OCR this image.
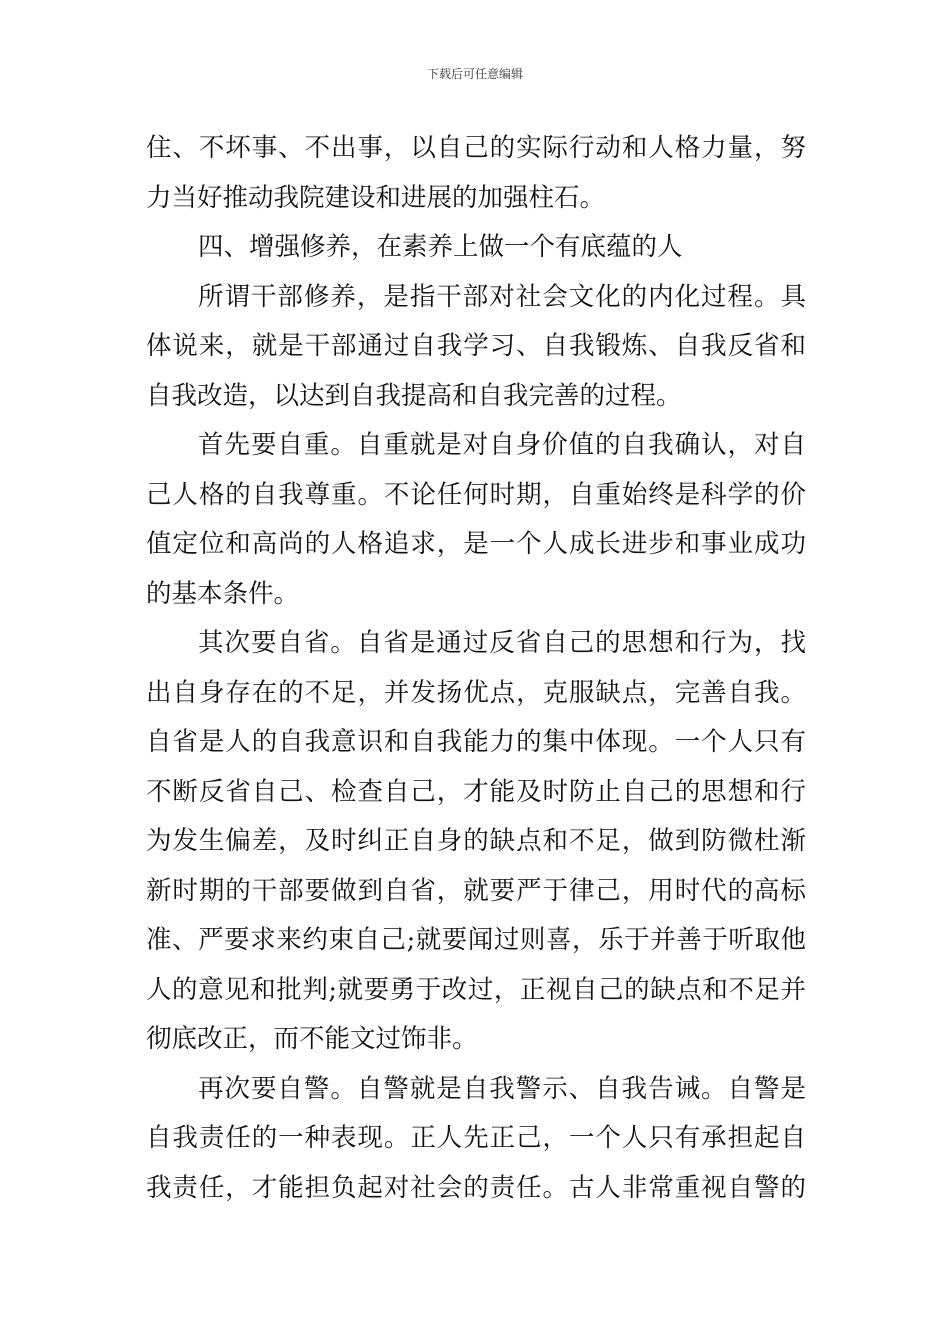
下载后可任意编辑
住、不坏事、不出事，以自己的实际行动和人格力量，努
力当好推动我院建设和进展的加强柱石。
四、增强修养，在素养上做一个有底蕴的人
所谓干部修养，是指干部对社会文化的内化过程。具
体说来，就是干部通过自我学习、自我锻炼、自我反省和
自我改造，以达到自我提高和自我完善的过程。
首先要自重。自重就是对自身价值的自我确认，对自
己人格的自我尊重。不论任何时期，自重始终是科学的价
值定位和高尚的人格追求，是一个人成长进步和事业成功
的基本条件。
其次要自省。自省是通过反省自己的思想和行为，找
出自身存在的不足，并发扬优点，克服缺点，完善自我。
自省是人的自我意识和自我能力的集中体现。一个人只有
不断反省自己、检查自己，才能及时防止自己的思想和行
为发生偏差，及时纠正自身的缺点和不足，做到防微杜渐
新时期的干部要做到自省，就要严于律己，用时代的高标
准、严要求来约束自己;就要闻过则喜，乐于并善于听取他
人的意见和批判;就要勇于改过，正视自己的缺点和不足并
彻底改正，而不能文过饰非。
再次要自警。自警就是自我警示、自我告诫。自警是
自我责任的一种表现。正人先正己，一个人只有承担起自
我责任，才能担负起对社会的责任。古人非常重视自警的
